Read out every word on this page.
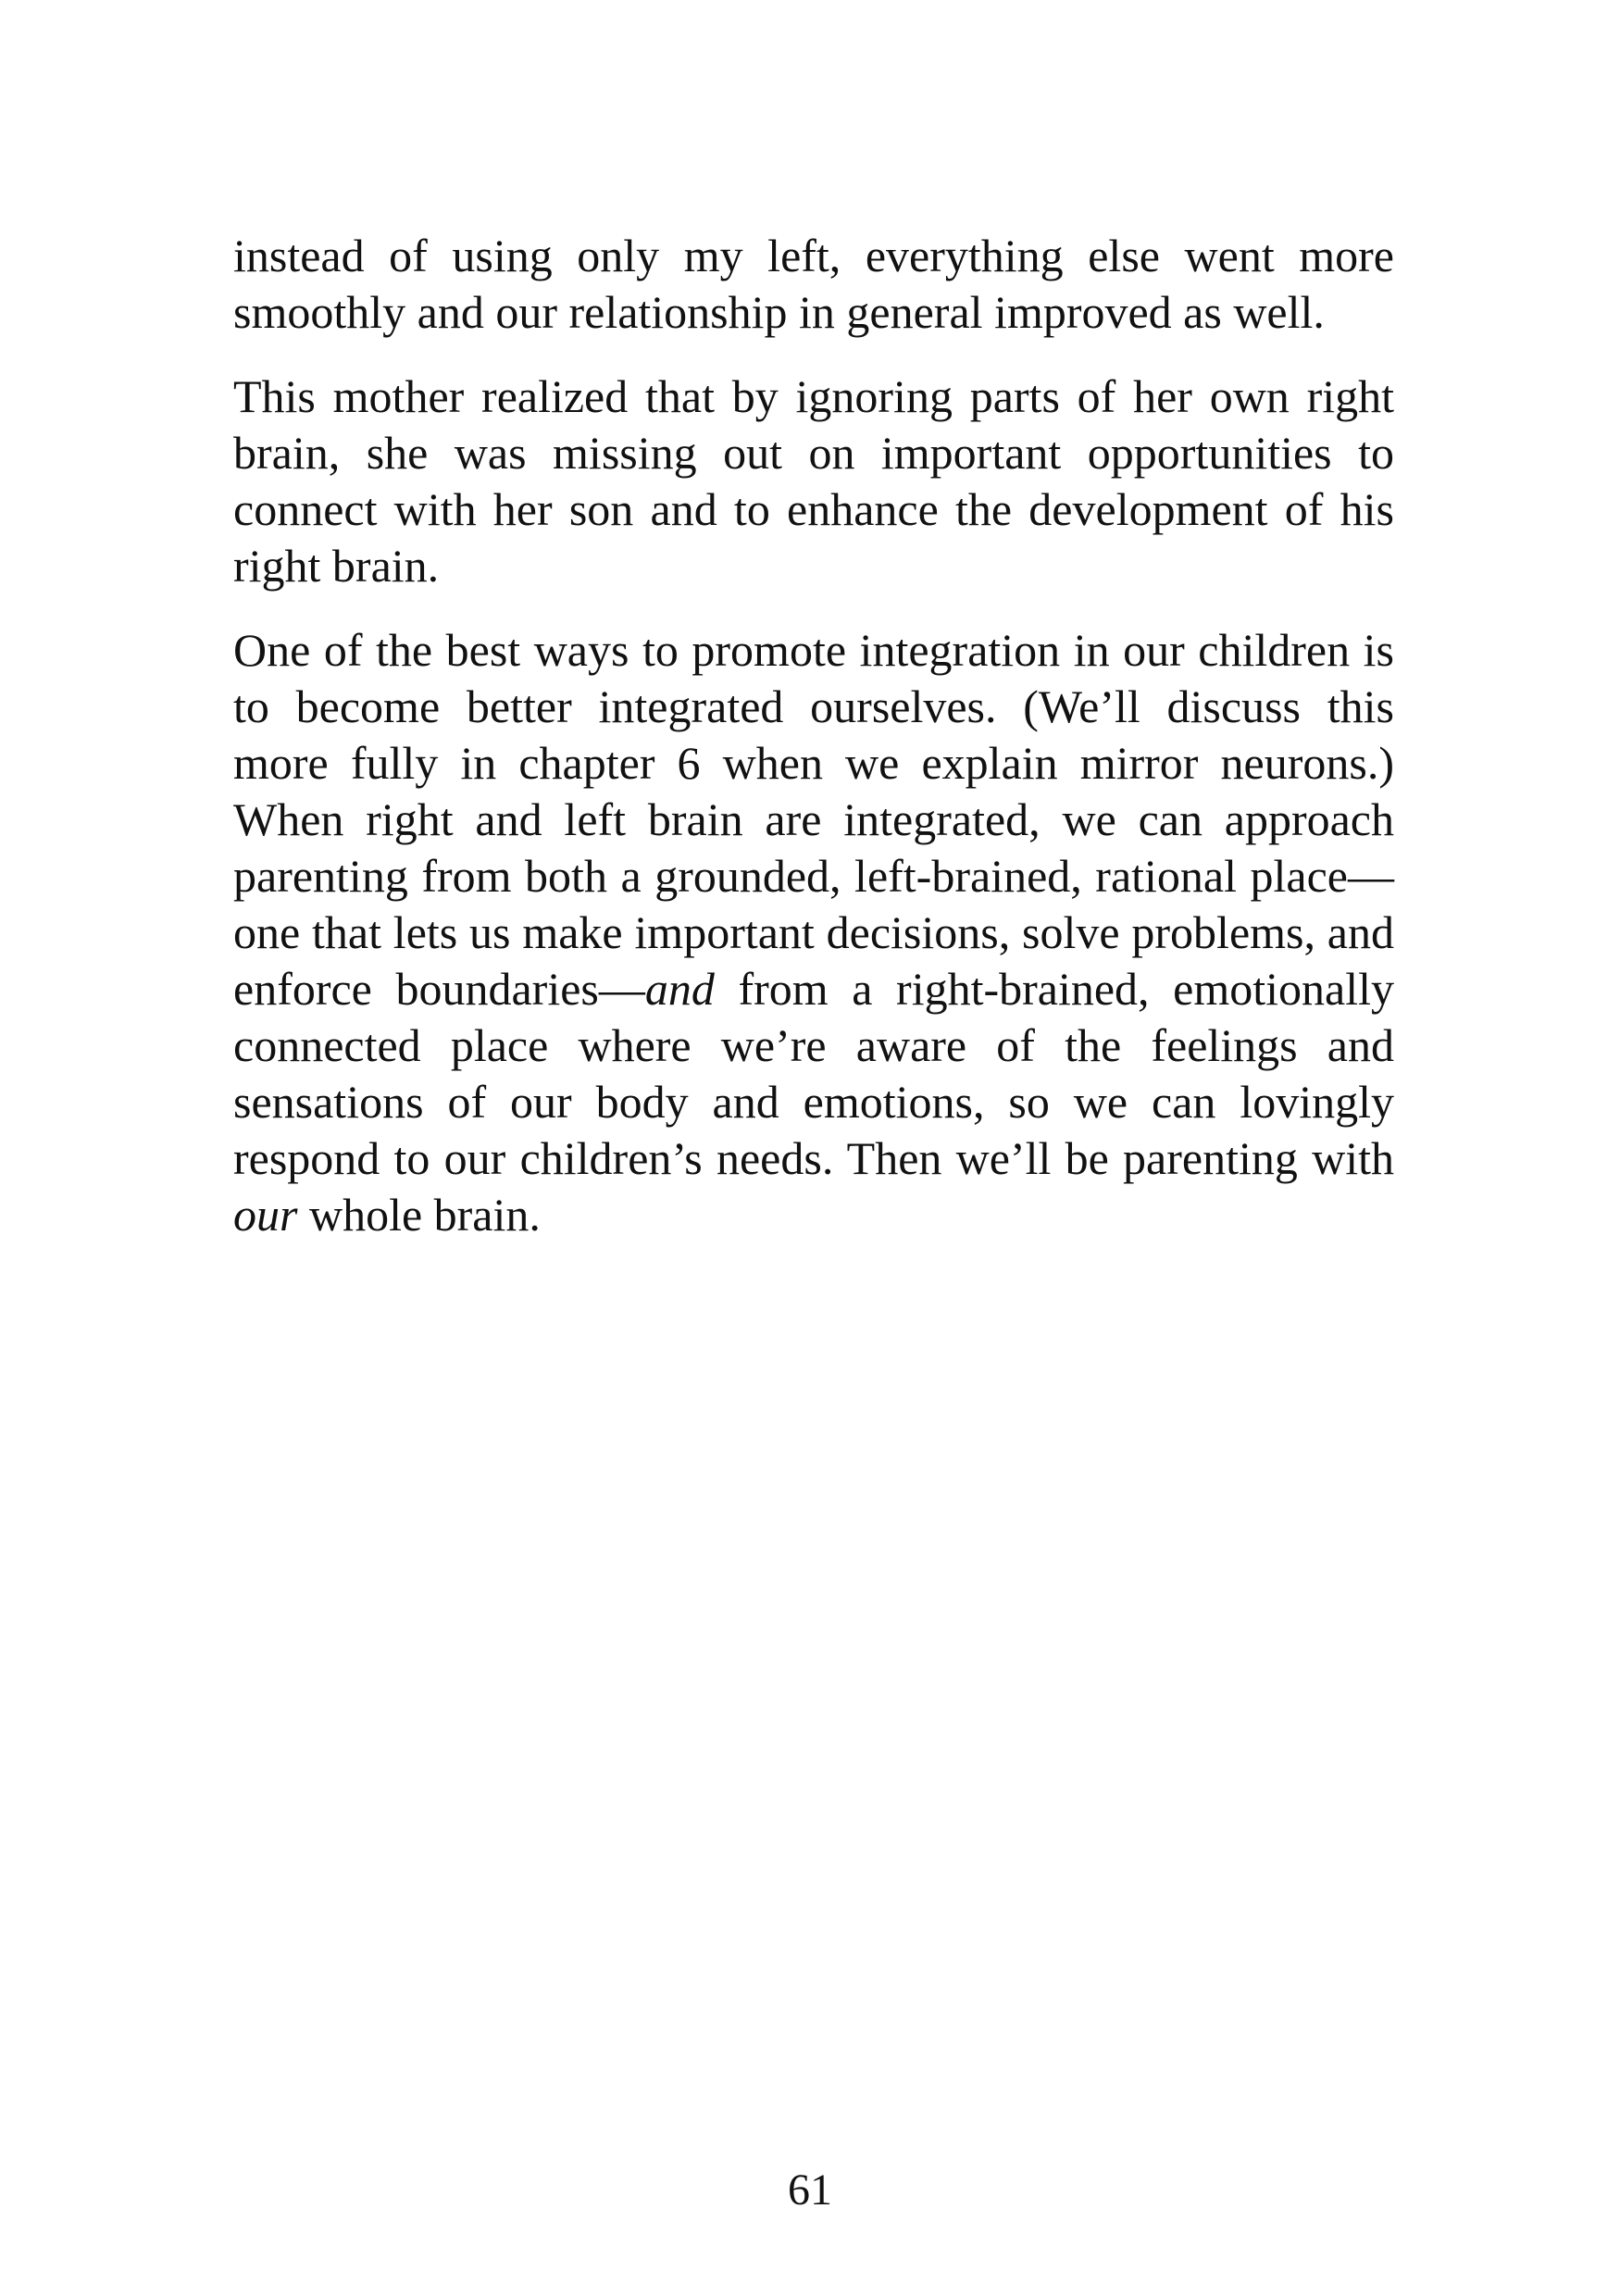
instead of using only my left, everything else went more smoothly and our relationship in general improved as well.

This mother realized that by ignoring parts of her own right brain, she was missing out on important opportunities to connect with her son and to enhance the development of his right brain.

One of the best ways to promote integration in our children is to become better integrated ourselves. (We’ll discuss this more fully in chapter 6 when we explain mirror neurons.) When right and left brain are integrated, we can approach parenting from both a grounded, left-brained, rational place—one that lets us make important decisions, solve problems, and enforce boundaries—and from a right-brained, emotionally connected place where we’re aware of the feelings and sensations of our body and emotions, so we can lovingly respond to our children’s needs. Then we’ll be parenting with our whole brain.

61
